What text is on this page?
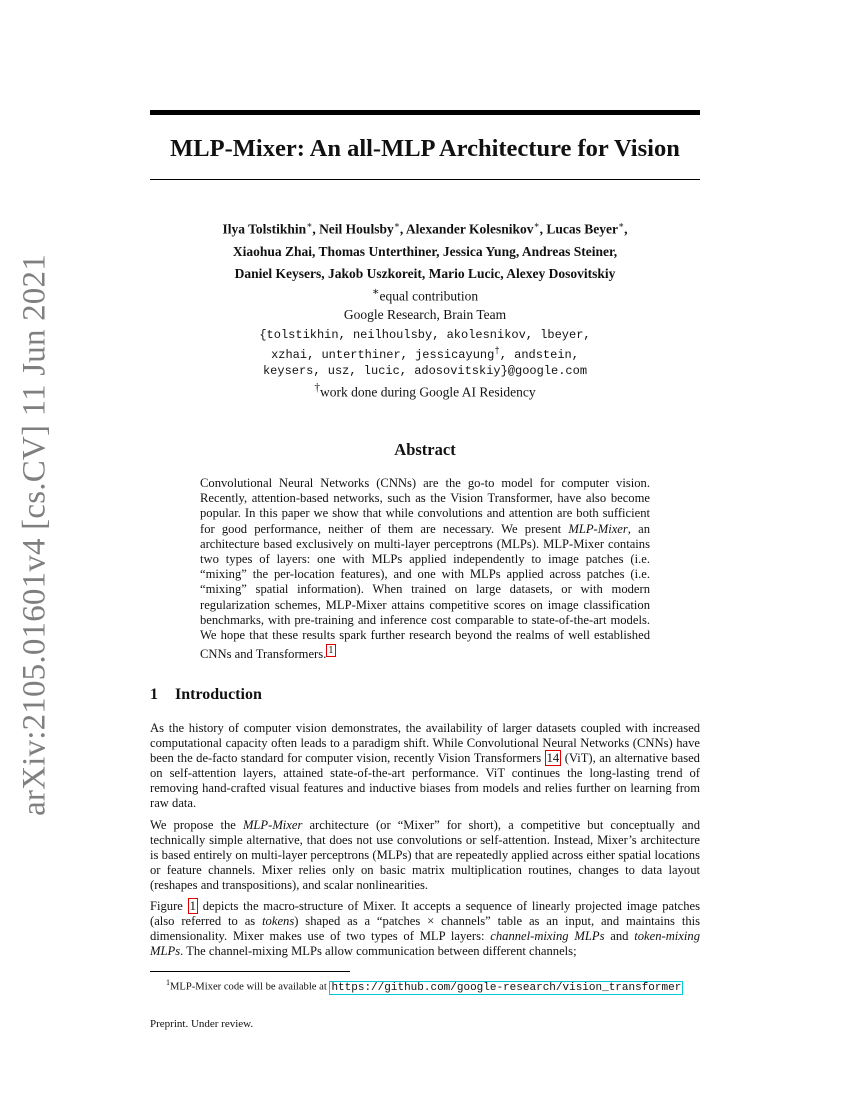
arXiv:2105.01601v4 [cs.CV] 11 Jun 2021
MLP-Mixer: An all-MLP Architecture for Vision
Ilya Tolstikhin∗, Neil Houlsby∗, Alexander Kolesnikov∗, Lucas Beyer∗,
Xiaohua Zhai, Thomas Unterthiner, Jessica Yung, Andreas Steiner,
Daniel Keysers, Jakob Uszkoreit, Mario Lucic, Alexey Dosovitskiy
∗equal contribution
Google Research, Brain Team
{tolstikhin, neilhoulsby, akolesnikov, lbeyer,
xzhai, unterthiner, jessicayung†, andstein,
keysers, usz, lucic, adosovitskiy}@google.com
†work done during Google AI Residency
Abstract
Convolutional Neural Networks (CNNs) are the go-to model for computer vision. Recently, attention-based networks, such as the Vision Transformer, have also become popular. In this paper we show that while convolutions and attention are both sufficient for good performance, neither of them are necessary. We present MLP-Mixer, an architecture based exclusively on multi-layer perceptrons (MLPs). MLP-Mixer contains two types of layers: one with MLPs applied independently to image patches (i.e. “mixing” the per-location features), and one with MLPs applied across patches (i.e. “mixing” spatial information). When trained on large datasets, or with modern regularization schemes, MLP-Mixer attains competitive scores on image classification benchmarks, with pre-training and inference cost comparable to state-of-the-art models. We hope that these results spark further research beyond the realms of well established CNNs and Transformers. $^1$
1 Introduction

As the history of computer vision demonstrates, the availability of larger datasets coupled with increased computational capacity often leads to a paradigm shift. While Convolutional Neural Networks (CNNs) have been the de-facto standard for computer vision, recently Vision Transformers 14 (ViT), an alternative based on self-attention layers, attained state-of-the-art performance. ViT continues the long-lasting trend of removing hand-crafted visual features and inductive biases from models and relies further on learning from raw data.

We propose the MLP-Mixer architecture (or “Mixer” for short), a competitive but conceptually and technically simple alternative, that does not use convolutions or self-attention. Instead, Mixer’s architecture is based entirely on multi-layer perceptrons (MLPs) that are repeatedly applied across either spatial locations or feature channels. Mixer relies only on basic matrix multiplication routines, changes to data layout (reshapes and transpositions), and scalar nonlinearities.

Figure 1 depicts the macro-structure of Mixer. It accepts a sequence of linearly projected image patches (also referred to as tokens) shaped as a “patches × channels” table as an input, and maintains this dimensionality. Mixer makes use of two types of MLP layers: channel-mixing MLPs and token-mixing MLPs. The channel-mixing MLPs allow communication between different channels;

$^1$MLP-Mixer code will be available at https://github.com/google-research/vision_transformer
Preprint. Under review.
